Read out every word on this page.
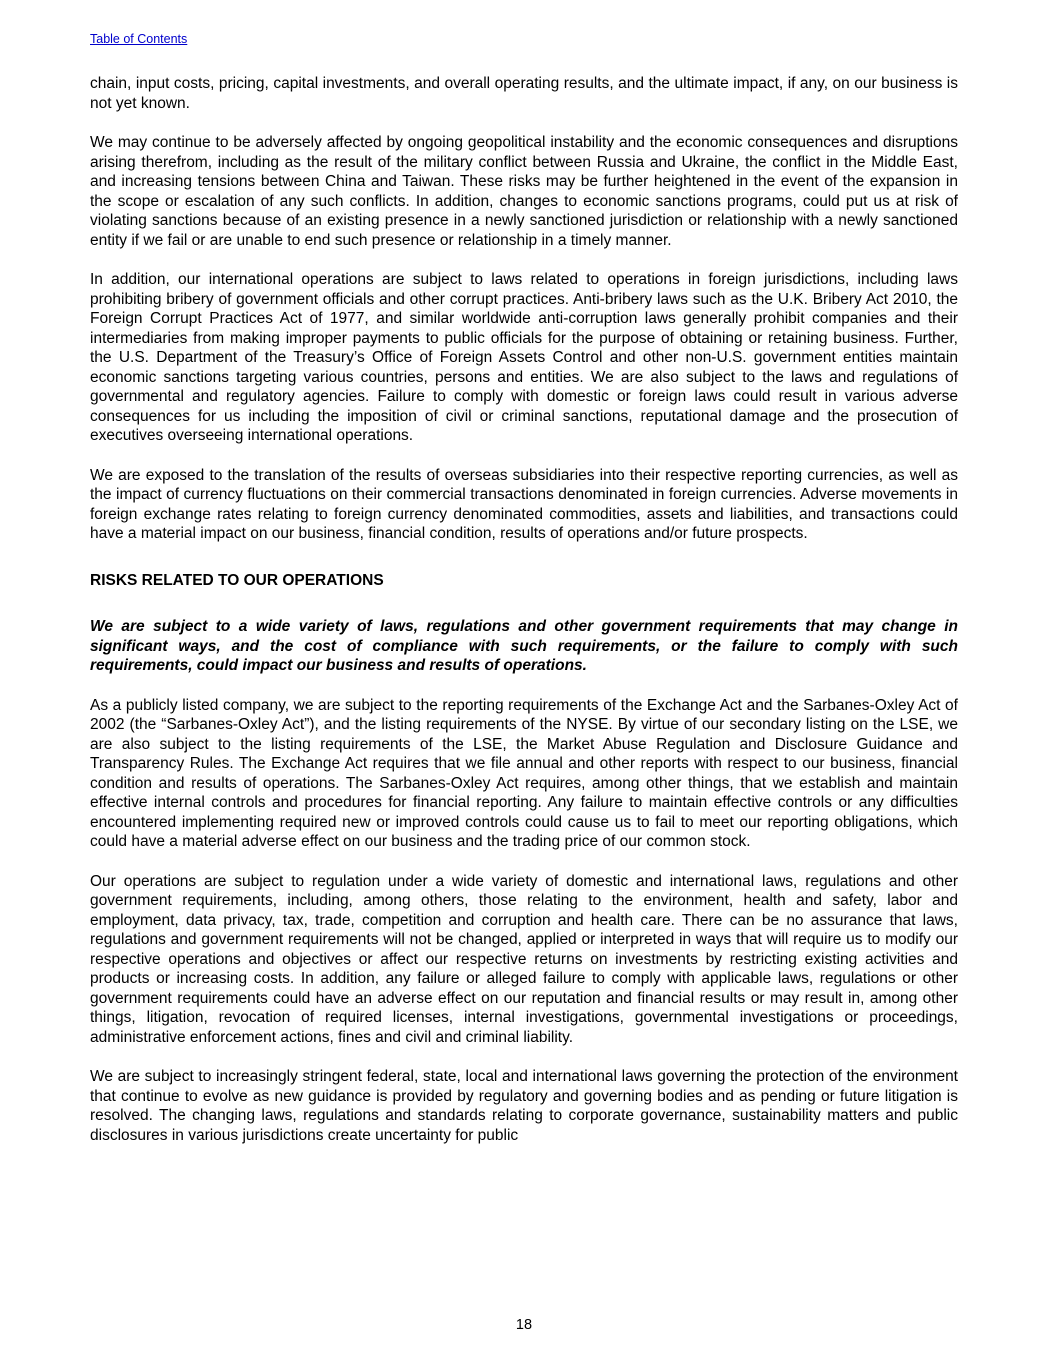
Table of Contents

chain, input costs, pricing, capital investments, and overall operating results, and the ultimate impact, if any, on our business is not yet known.

We may continue to be adversely affected by ongoing geopolitical instability and the economic consequences and disruptions arising therefrom, including as the result of the military conflict between Russia and Ukraine, the conflict in the Middle East, and increasing tensions between China and Taiwan. These risks may be further heightened in the event of the expansion in the scope or escalation of any such conflicts. In addition, changes to economic sanctions programs, could put us at risk of violating sanctions because of an existing presence in a newly sanctioned jurisdiction or relationship with a newly sanctioned entity if we fail or are unable to end such presence or relationship in a timely manner.

In addition, our international operations are subject to laws related to operations in foreign jurisdictions, including laws prohibiting bribery of government officials and other corrupt practices. Anti-bribery laws such as the U.K. Bribery Act 2010, the Foreign Corrupt Practices Act of 1977, and similar worldwide anti-corruption laws generally prohibit companies and their intermediaries from making improper payments to public officials for the purpose of obtaining or retaining business. Further, the U.S. Department of the Treasury’s Office of Foreign Assets Control and other non-U.S. government entities maintain economic sanctions targeting various countries, persons and entities. We are also subject to the laws and regulations of governmental and regulatory agencies. Failure to comply with domestic or foreign laws could result in various adverse consequences for us including the imposition of civil or criminal sanctions, reputational damage and the prosecution of executives overseeing international operations.

We are exposed to the translation of the results of overseas subsidiaries into their respective reporting currencies, as well as the impact of currency fluctuations on their commercial transactions denominated in foreign currencies. Adverse movements in foreign exchange rates relating to foreign currency denominated commodities, assets and liabilities, and transactions could have a material impact on our business, financial condition, results of operations and/or future prospects.

RISKS RELATED TO OUR OPERATIONS

We are subject to a wide variety of laws, regulations and other government requirements that may change in significant ways, and the cost of compliance with such requirements, or the failure to comply with such requirements, could impact our business and results of operations.

As a publicly listed company, we are subject to the reporting requirements of the Exchange Act and the Sarbanes-Oxley Act of 2002 (the “Sarbanes-Oxley Act”), and the listing requirements of the NYSE. By virtue of our secondary listing on the LSE, we are also subject to the listing requirements of the LSE, the Market Abuse Regulation and Disclosure Guidance and Transparency Rules. The Exchange Act requires that we file annual and other reports with respect to our business, financial condition and results of operations. The Sarbanes-Oxley Act requires, among other things, that we establish and maintain effective internal controls and procedures for financial reporting. Any failure to maintain effective controls or any difficulties encountered implementing required new or improved controls could cause us to fail to meet our reporting obligations, which could have a material adverse effect on our business and the trading price of our common stock.

Our operations are subject to regulation under a wide variety of domestic and international laws, regulations and other government requirements, including, among others, those relating to the environment, health and safety, labor and employment, data privacy, tax, trade, competition and corruption and health care. There can be no assurance that laws, regulations and government requirements will not be changed, applied or interpreted in ways that will require us to modify our respective operations and objectives or affect our respective returns on investments by restricting existing activities and products or increasing costs. In addition, any failure or alleged failure to comply with applicable laws, regulations or other government requirements could have an adverse effect on our reputation and financial results or may result in, among other things, litigation, revocation of required licenses, internal investigations, governmental investigations or proceedings, administrative enforcement actions, fines and civil and criminal liability.

We are subject to increasingly stringent federal, state, local and international laws governing the protection of the environment that continue to evolve as new guidance is provided by regulatory and governing bodies and as pending or future litigation is resolved. The changing laws, regulations and standards relating to corporate governance, sustainability matters and public disclosures in various jurisdictions create uncertainty for public

18
